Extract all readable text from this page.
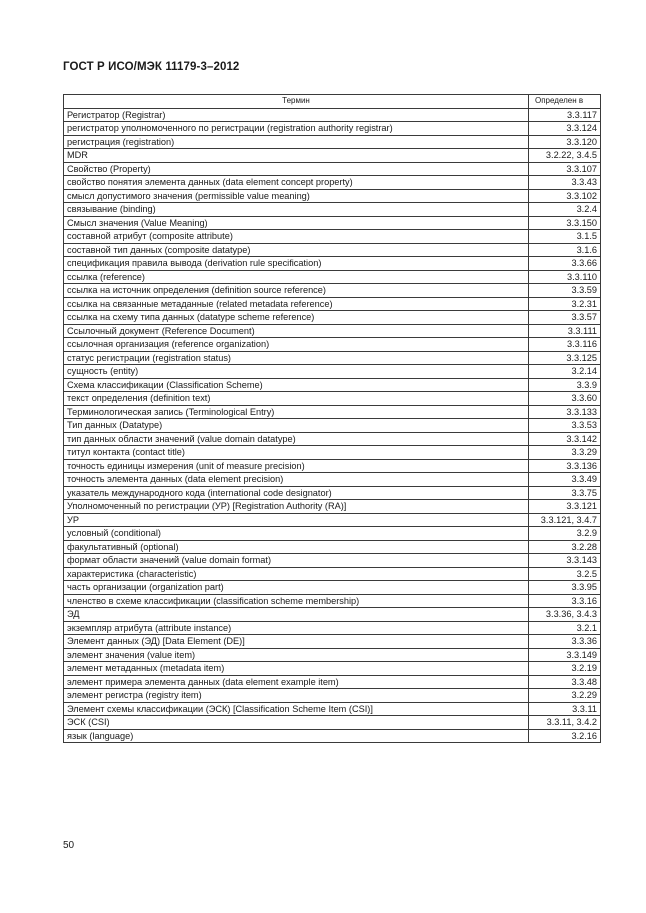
ГОСТ Р ИСО/МЭК 11179-3–2012
Термин	Определен в
Регистратор (Registrar)	3.3.117
регистратор уполномоченного по регистрации (registration authority registrar)	3.3.124
регистрация (registration)	3.3.120
MDR	3.2.22, 3.4.5
Свойство (Property)	3.3.107
свойство понятия элемента данных (data element concept property)	3.3.43
смысл допустимого значения (permissible value meaning)	3.3.102
связывание (binding)	3.2.4
Смысл значения (Value Meaning)	3.3.150
составной атрибут (composite attribute)	3.1.5
составной тип данных (composite datatype)	3.1.6
спецификация правила вывода (derivation rule specification)	3.3.66
ссылка (reference)	3.3.110
ссылка на источник определения (definition source reference)	3.3.59
ссылка на связанные метаданные (related metadata reference)	3.2.31
ссылка на схему типа данных (datatype scheme reference)	3.3.57
Ссылочный документ (Reference Document)	3.3.111
ссылочная организация (reference organization)	3.3.116
статус регистрации (registration status)	3.3.125
сущность (entity)	3.2.14
Схема классификации (Classification Scheme)	3.3.9
текст определения (definition text)	3.3.60
Терминологическая запись (Terminological Entry)	3.3.133
Тип данных (Datatype)	3.3.53
тип данных области значений (value domain datatype)	3.3.142
титул контакта (contact title)	3.3.29
точность единицы измерения (unit of measure precision)	3.3.136
точность элемента данных (data element precision)	3.3.49
указатель международного кода (international code designator)	3.3.75
Уполномоченный по регистрации (УР) [Registration Authority (RA)]	3.3.121
УР	3.3.121, 3.4.7
условный (conditional)	3.2.9
факультативный (optional)	3.2.28
формат области значений (value domain format)	3.3.143
характеристика (characteristic)	3.2.5
часть организации (organization part)	3.3.95
членство в схеме классификации (classification scheme membership)	3.3.16
ЭД	3.3.36, 3.4.3
экземпляр атрибута (attribute instance)	3.2.1
Элемент данных (ЭД) [Data Element (DE)]	3.3.36
элемент значения (value item)	3.3.149
элемент метаданных (metadata item)	3.2.19
элемент примера элемента данных (data element example item)	3.3.48
элемент регистра (registry item)	3.2.29
Элемент схемы классификации (ЭСК) [Classification Scheme Item (CSI)]	3.3.11
ЭСК (CSI)	3.3.11, 3.4.2
язык (language)	3.2.16
50
